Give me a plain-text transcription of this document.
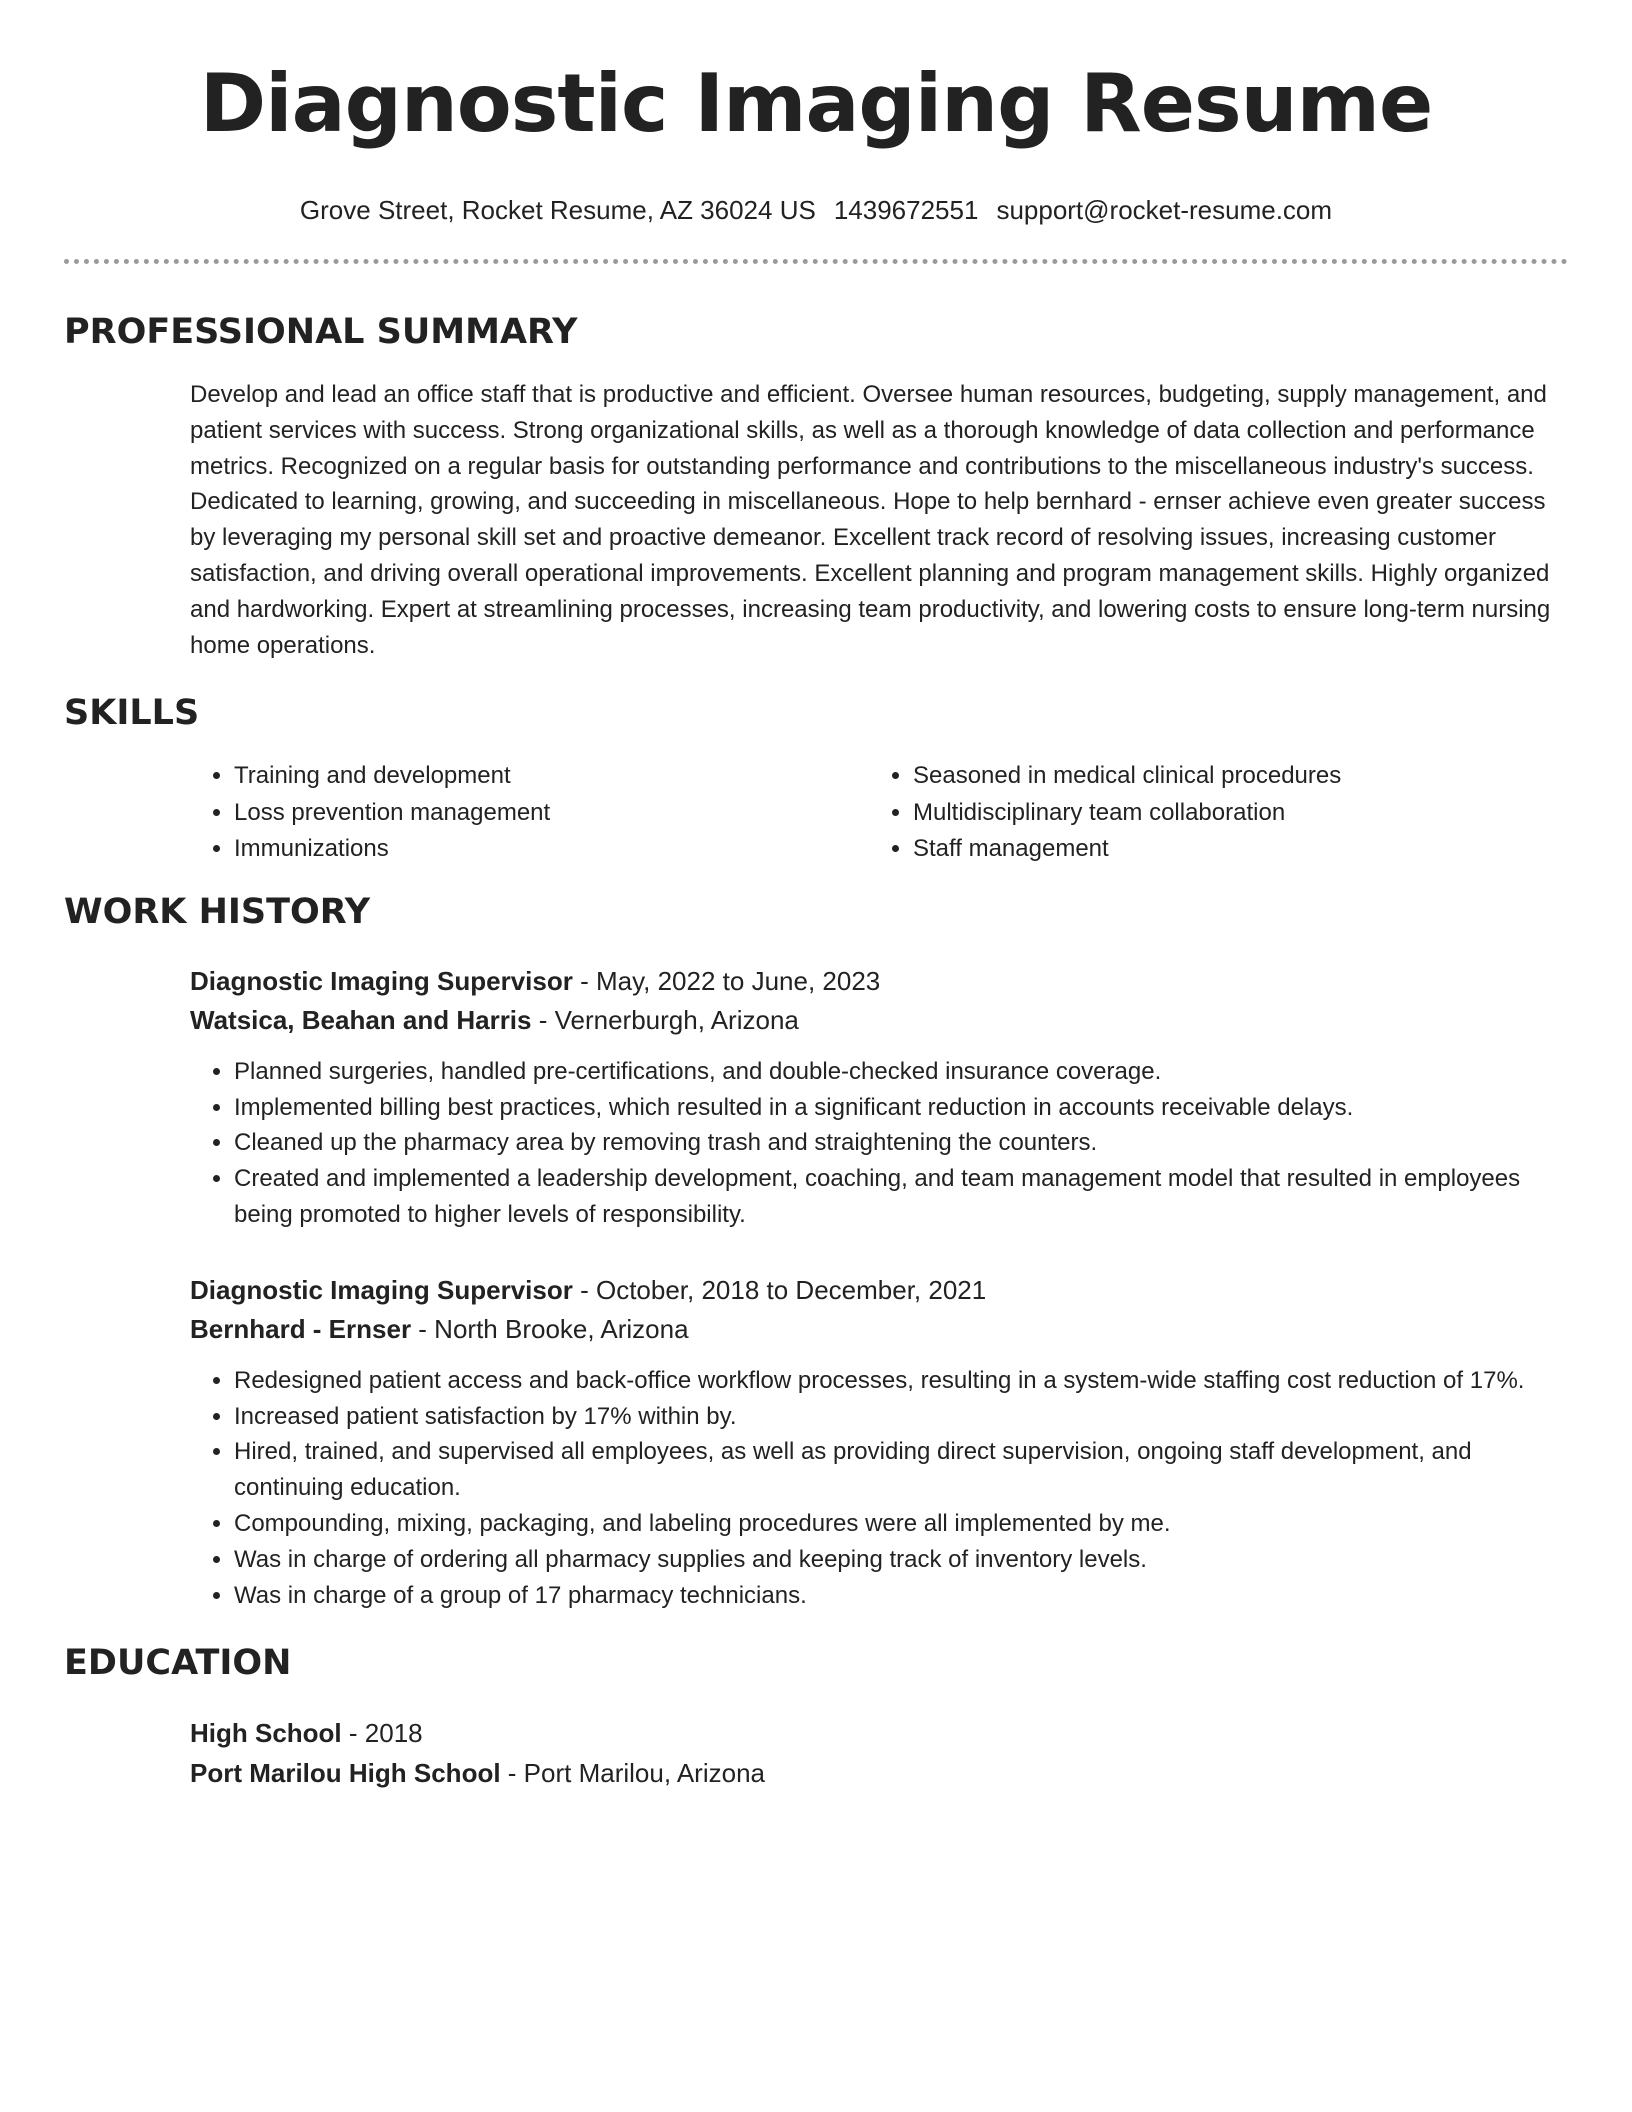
Diagnostic Imaging Resume
Grove Street, Rocket Resume, AZ 36024 US 1439672551 support@rocket-resume.com
PROFESSIONAL SUMMARY
Develop and lead an office staff that is productive and efficient. Oversee human resources, budgeting, supply management, and patient services with success. Strong organizational skills, as well as a thorough knowledge of data collection and performance metrics. Recognized on a regular basis for outstanding performance and contributions to the miscellaneous industry's success. Dedicated to learning, growing, and succeeding in miscellaneous. Hope to help bernhard - ernser achieve even greater success by leveraging my personal skill set and proactive demeanor. Excellent track record of resolving issues, increasing customer satisfaction, and driving overall operational improvements. Excellent planning and program management skills. Highly organized and hardworking. Expert at streamlining processes, increasing team productivity, and lowering costs to ensure long-term nursing home operations.
SKILLS
• Training and development
• Loss prevention management
• Immunizations
• Seasoned in medical clinical procedures
• Multidisciplinary team collaboration
• Staff management
WORK HISTORY
Diagnostic Imaging Supervisor - May, 2022 to June, 2023
Watsica, Beahan and Harris - Vernerburgh, Arizona
• Planned surgeries, handled pre-certifications, and double-checked insurance coverage.
• Implemented billing best practices, which resulted in a significant reduction in accounts receivable delays.
• Cleaned up the pharmacy area by removing trash and straightening the counters.
• Created and implemented a leadership development, coaching, and team management model that resulted in employees being promoted to higher levels of responsibility.
Diagnostic Imaging Supervisor - October, 2018 to December, 2021
Bernhard - Ernser - North Brooke, Arizona
• Redesigned patient access and back-office workflow processes, resulting in a system-wide staffing cost reduction of 17%.
• Increased patient satisfaction by 17% within by.
• Hired, trained, and supervised all employees, as well as providing direct supervision, ongoing staff development, and continuing education.
• Compounding, mixing, packaging, and labeling procedures were all implemented by me.
• Was in charge of ordering all pharmacy supplies and keeping track of inventory levels.
• Was in charge of a group of 17 pharmacy technicians.
EDUCATION
High School - 2018
Port Marilou High School - Port Marilou, Arizona
